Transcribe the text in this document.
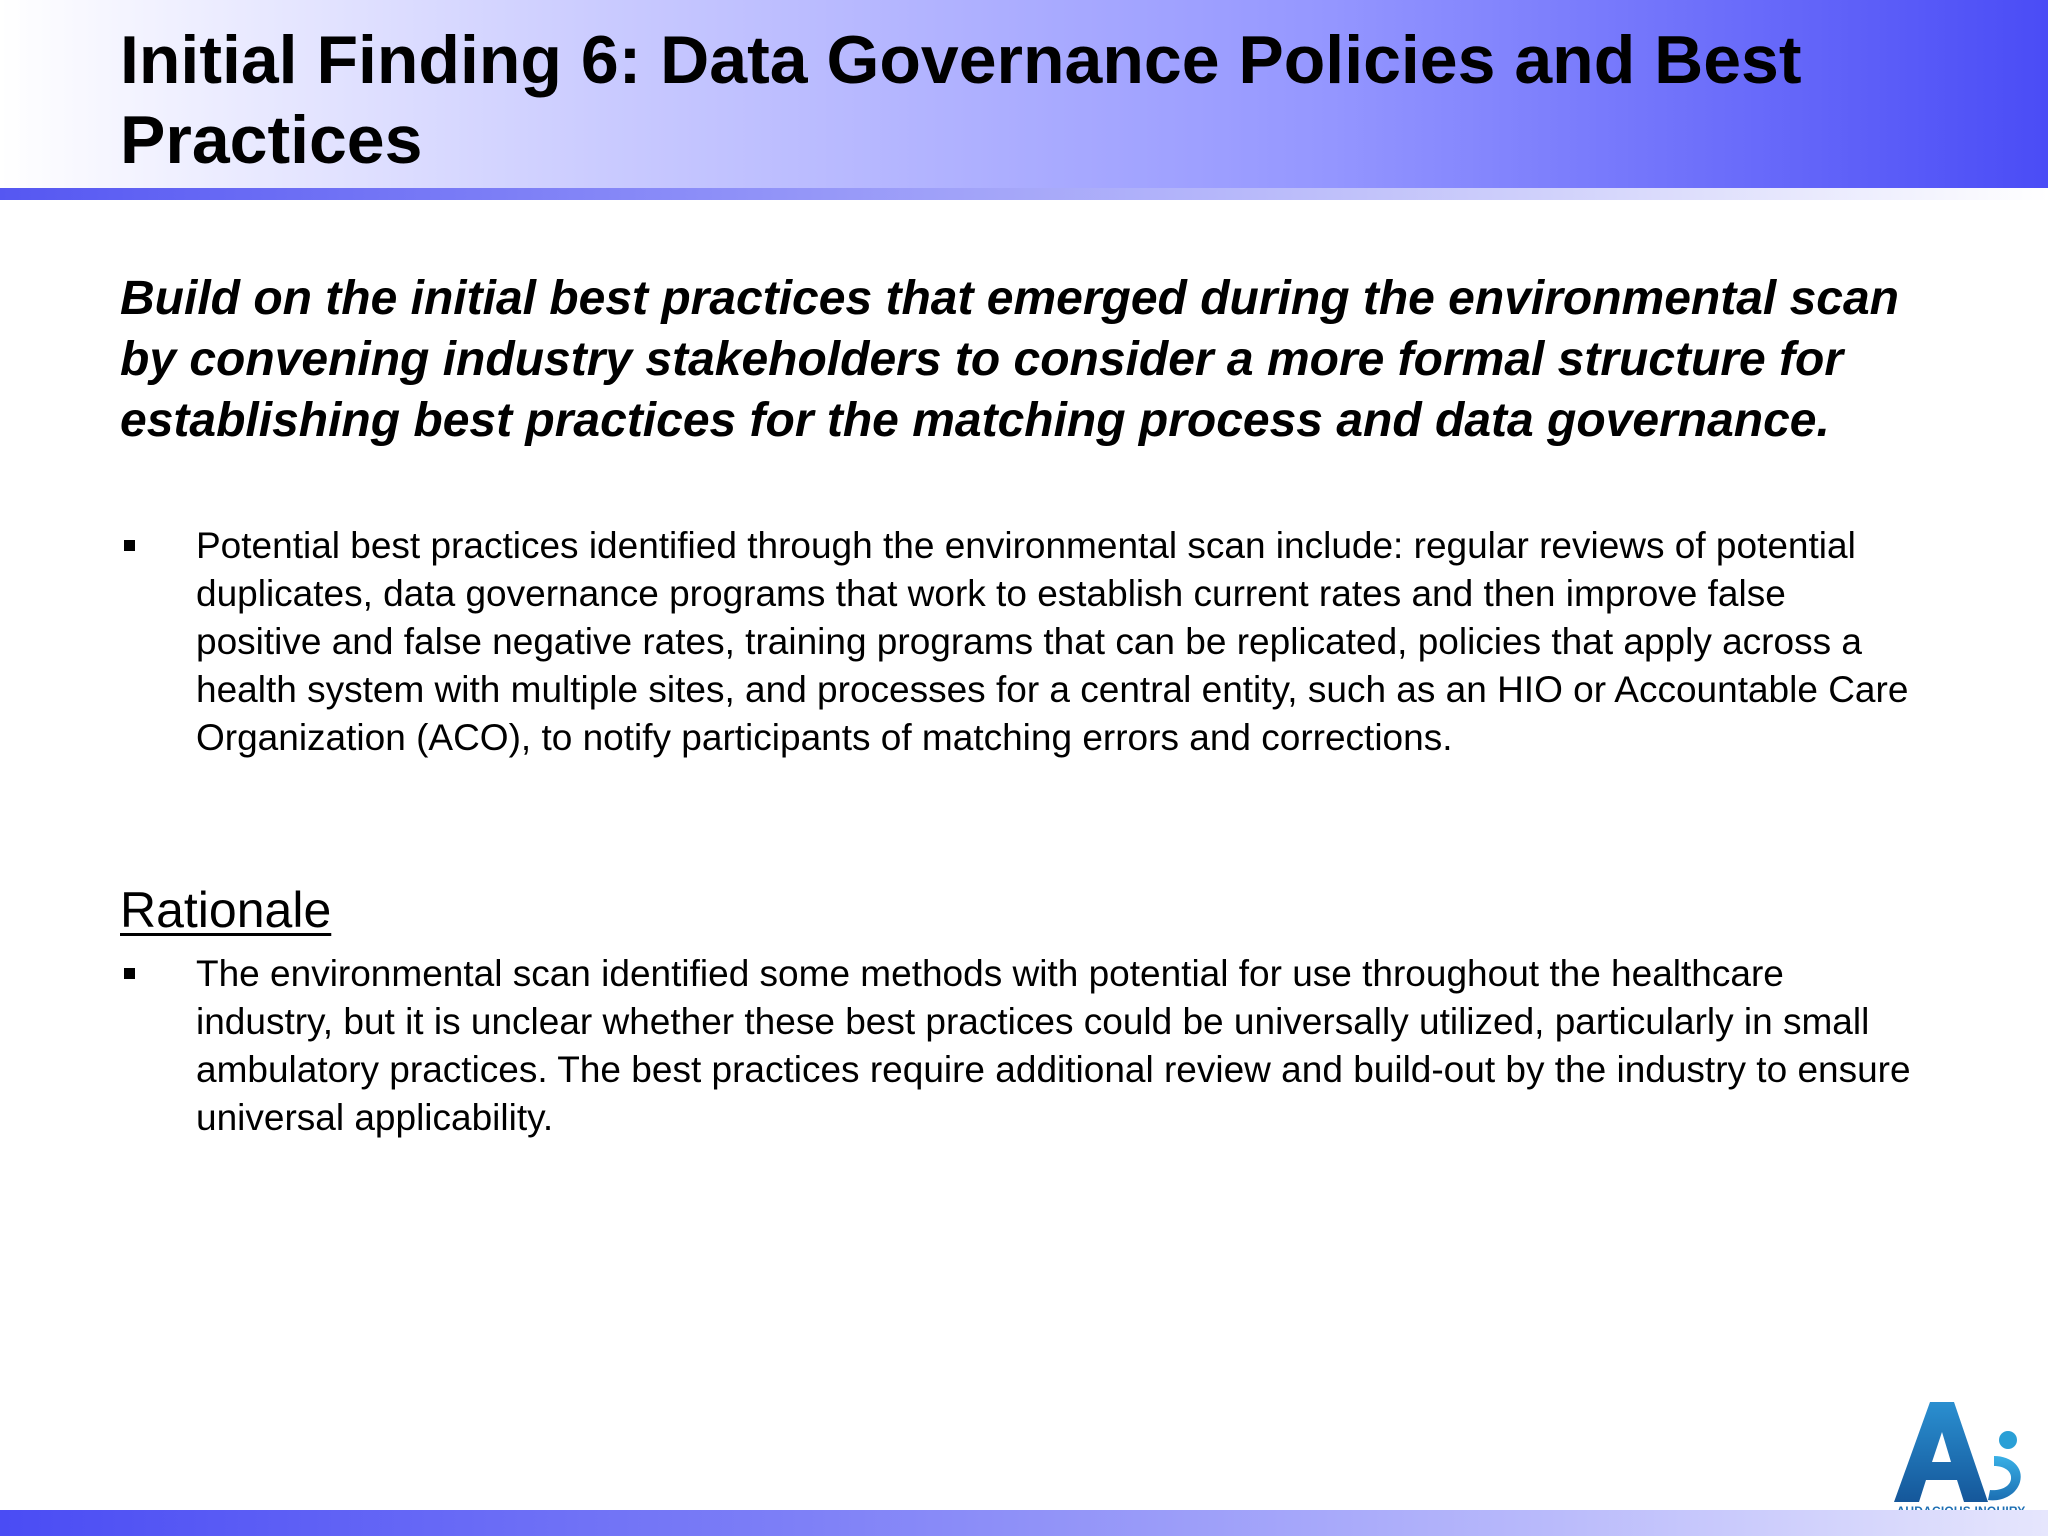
Initial Finding 6: Data Governance Policies and Best Practices

Build on the initial best practices that emerged during the environmental scan by convening industry stakeholders to consider a more formal structure for establishing best practices for the matching process and data governance.

Potential best practices identified through the environmental scan include: regular reviews of potential duplicates, data governance programs that work to establish current rates and then improve false positive and false negative rates, training programs that can be replicated, policies that apply across a health system with multiple sites, and processes for a central entity, such as an HIO or Accountable Care Organization (ACO), to notify participants of matching errors and corrections.
Rationale
The environmental scan identified some methods with potential for use throughout the healthcare industry, but it is unclear whether these best practices could be universally utilized, particularly in small ambulatory practices. The best practices require additional review and build-out by the industry to ensure universal applicability.
